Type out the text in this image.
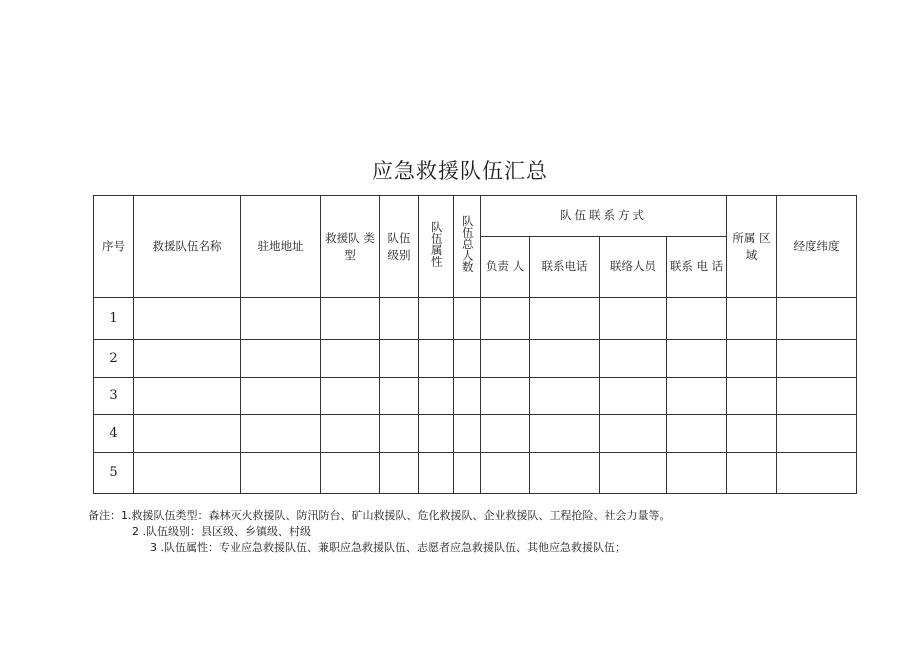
应急救援队伍汇总
序号	救援队伍名称	驻地地址	救援队 类型	队伍级别	队伍属性	队伍总人数	队伍联系方式				所属 区域	经度纬度
							负责 人	联系电话	联络人员	联系 电 话		
1												
2												
3												
4												
5												
备注：1.救援队伍类型：森林灭火救援队、防汛防台、矿山救援队、危化救援队、企业救援队、工程抢险、社会力量等。
2 .队伍级别：县区级、乡镇级、村级
3 .队伍属性：专业应急救援队伍、兼职应急救援队伍、志愿者应急救援队伍、其他应急救援队伍；
